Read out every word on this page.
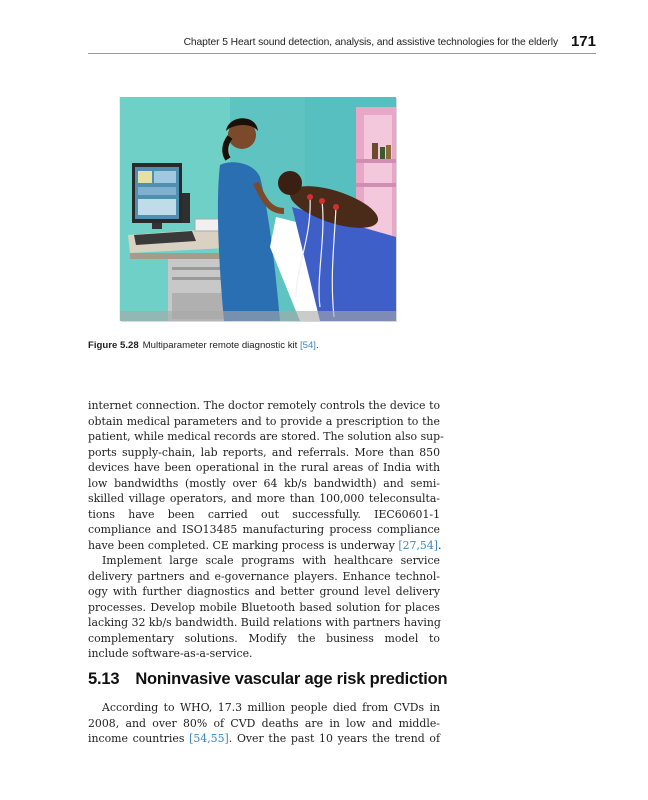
Chapter 5 Heart sound detection, analysis, and assistive technologies for the elderly 171
Figure 5.28 Multiparameter remote diagnostic kit [54].
internet connection. The doctor remotely controls the device to
obtain medical parameters and to provide a prescription to the
patient, while medical records are stored. The solution also sup-
ports supply-chain, lab reports, and referrals. More than 850
devices have been operational in the rural areas of India with
low bandwidths (mostly over 64 kb/s bandwidth) and semi-
skilled village operators, and more than 100,000 teleconsulta-
tions have been carried out successfully. IEC60601-1
compliance and ISO13485 manufacturing process compliance
have been completed. CE marking process is underway [27,54].
Implement large scale programs with healthcare service
delivery partners and e-governance players. Enhance technol-
ogy with further diagnostics and better ground level delivery
processes. Develop mobile Bluetooth based solution for places
lacking 32 kb/s bandwidth. Build relations with partners having
complementary solutions. Modify the business model to
include software-as-a-service.
5.13 Noninvasive vascular age risk prediction
According to WHO, 17.3 million people died from CVDs in
2008, and over 80% of CVD deaths are in low and middle-
income countries [54,55]. Over the past 10 years the trend of
